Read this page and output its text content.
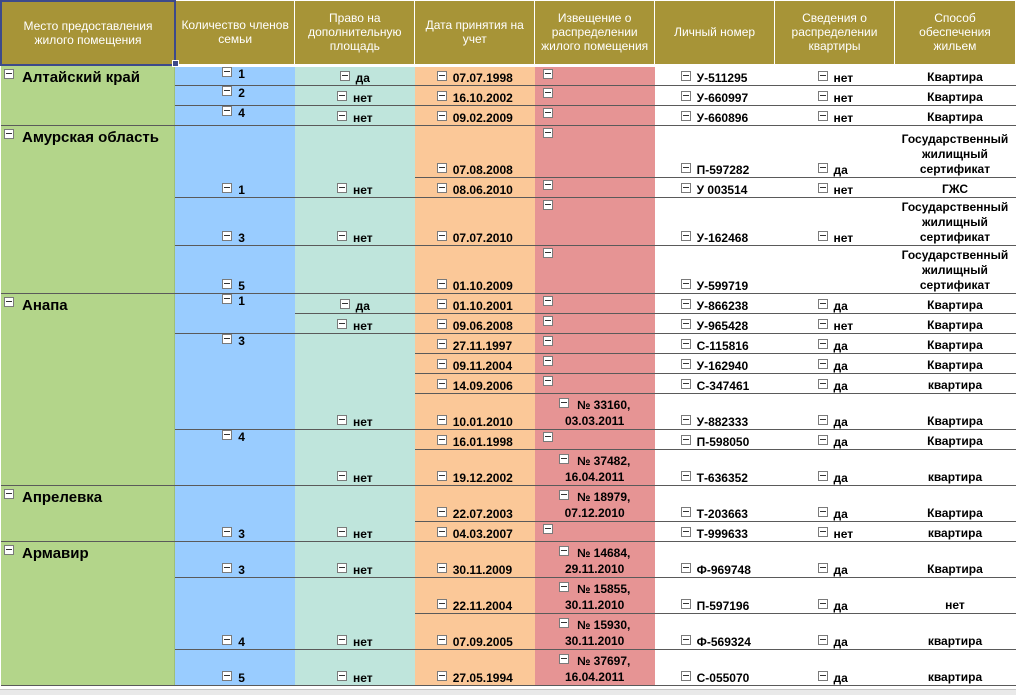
Место предоставления жилого помещения	Количество членов семьи	Право на дополнительную площадь	Дата принятия на учет	Извещение о распределении жилого помещения	Личный номер	Сведения о распределении квартиры	Способ обеспечения жильем
Алтайский край	1	да	07.07.1998		У-511295	нет	Квартира
	2	нет	16.10.2002		У-660997	нет	Квартира
	4	нет	09.02.2009		У-660896	нет	Квартира
Амурская область	1	нет	07.08.2008		П-597282	да	Государственный жилищный сертификат
			08.06.2010		У 003514	нет	ГЖС
	3	нет	07.07.2010		У-162468	нет	Государственный жилищный сертификат
	5		01.10.2009		У-599719		Государственный жилищный сертификат
Анапа	1	да	01.10.2001		У-866238	да	Квартира
		нет	09.06.2008		У-965428	нет	Квартира
	3	нет	27.11.1997		С-115816	да	Квартира
			09.11.2004		У-162940	да	Квартира
			14.09.2006		С-347461	да	квартира
			10.01.2010	№ 33160, 03.03.2011	У-882333	да	Квартира
	4	нет	16.01.1998		П-598050	да	Квартира
			19.12.2002	№ 37482, 16.04.2011	Т-636352	да	квартира
Апрелевка	3	нет	22.07.2003	№ 18979, 07.12.2010	Т-203663	да	Квартира
			04.03.2007		Т-999633	нет	квартира
Армавир	3	нет	30.11.2009	№ 14684, 29.11.2010	Ф-969748	да	Квартира
	4	нет	22.11.2004	№ 15855, 30.11.2010	П-597196	да	нет
			07.09.2005	№ 15930, 30.11.2010	Ф-569324	да	квартира
	5	нет	27.05.1994	№ 37697, 16.04.2011	С-055070	да	квартира
